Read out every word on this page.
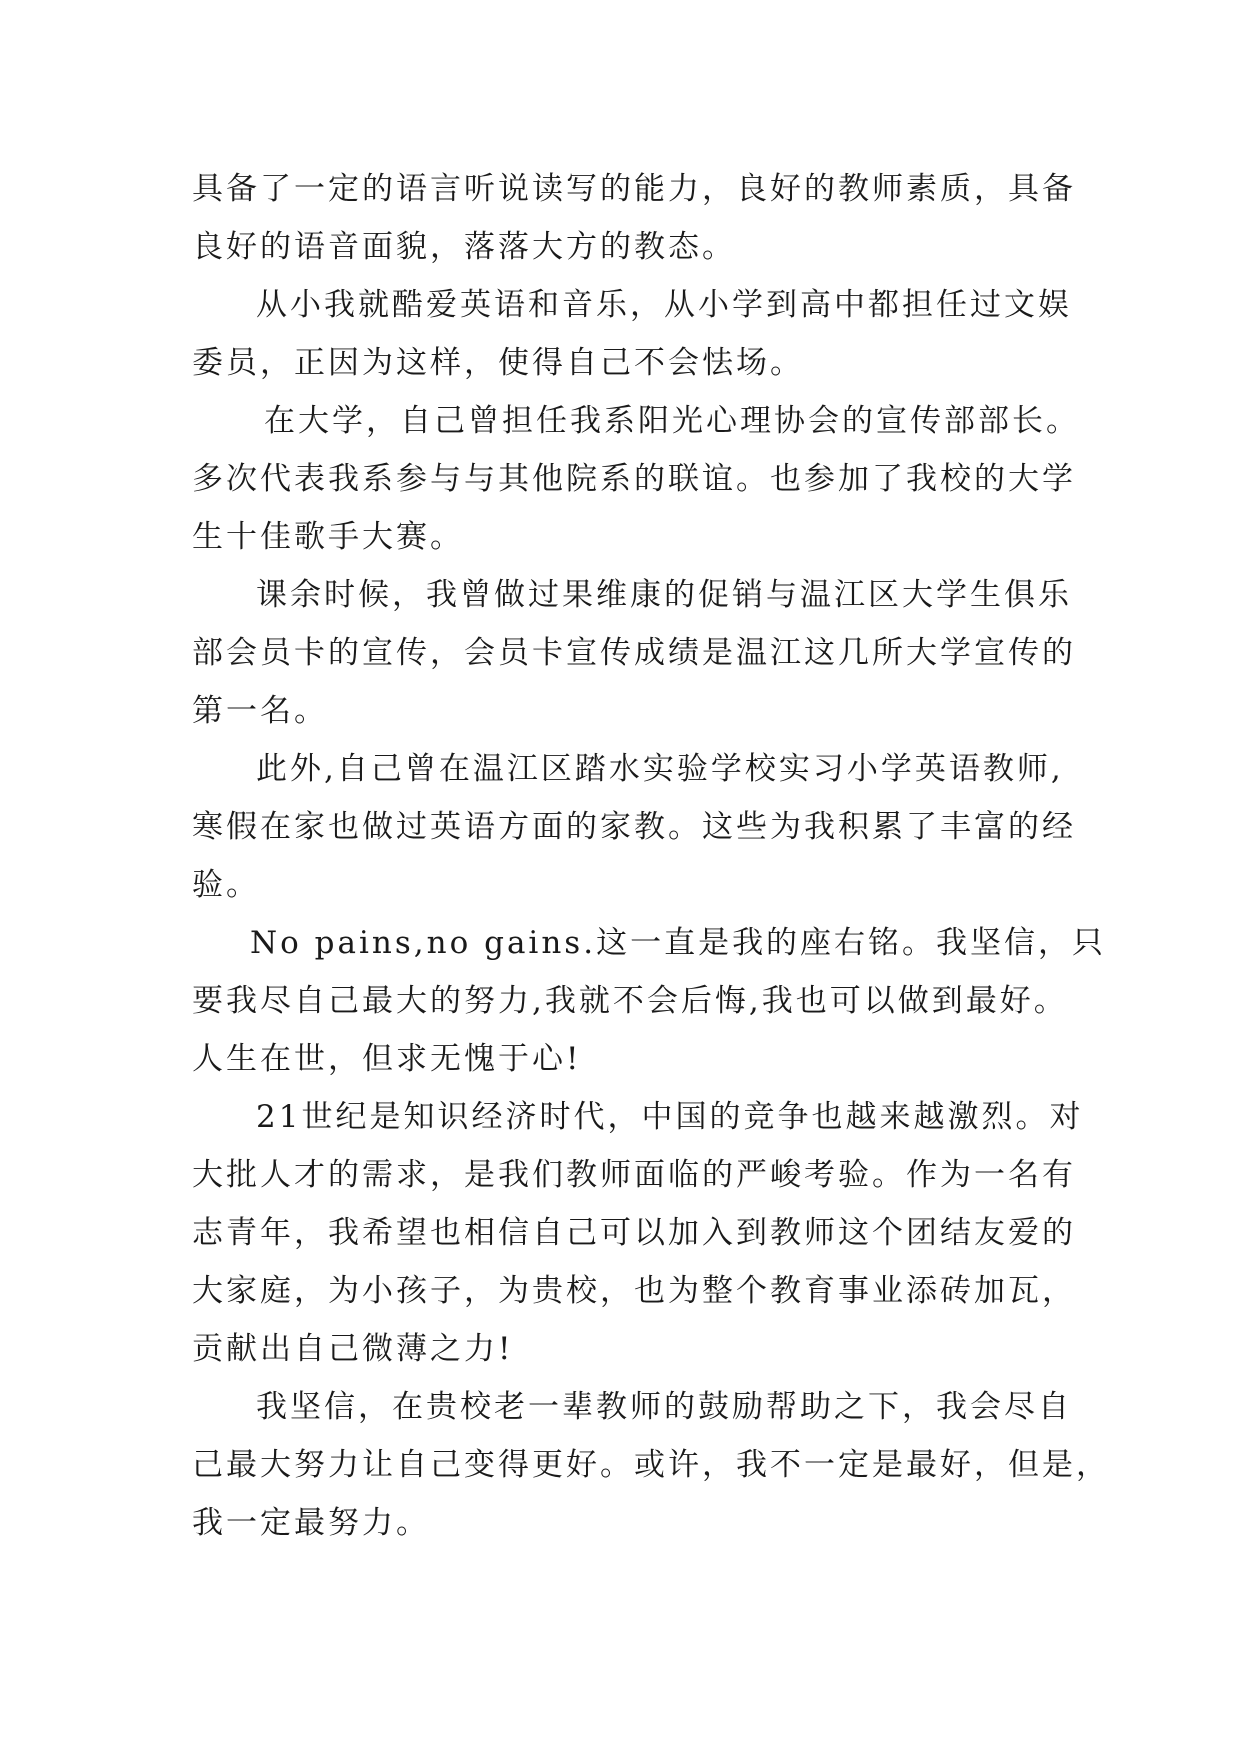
具备了一定的语言听说读写的能力，良好的教师素质，具备
良好的语音面貌，落落大方的教态。
从小我就酷爱英语和音乐，从小学到高中都担任过文娱
委员，正因为这样，使得自己不会怯场。
在大学，自己曾担任我系阳光心理协会的宣传部部长。
多次代表我系参与与其他院系的联谊。也参加了我校的大学
生十佳歌手大赛。
课余时候，我曾做过果维康的促销与温江区大学生俱乐
部会员卡的宣传，会员卡宣传成绩是温江这几所大学宣传的
第一名。
此外,自己曾在温江区踏水实验学校实习小学英语教师,
寒假在家也做过英语方面的家教。这些为我积累了丰富的经
验。
No pains,no gains.这一直是我的座右铭。我坚信，只
要我尽自己最大的努力,我就不会后悔,我也可以做到最好。
人生在世，但求无愧于心!
21世纪是知识经济时代，中国的竞争也越来越激烈。对
大批人才的需求，是我们教师面临的严峻考验。作为一名有
志青年，我希望也相信自己可以加入到教师这个团结友爱的
大家庭，为小孩子，为贵校，也为整个教育事业添砖加瓦，
贡献出自己微薄之力!
我坚信，在贵校老一辈教师的鼓励帮助之下，我会尽自
己最大努力让自己变得更好。或许，我不一定是最好，但是，
我一定最努力。
